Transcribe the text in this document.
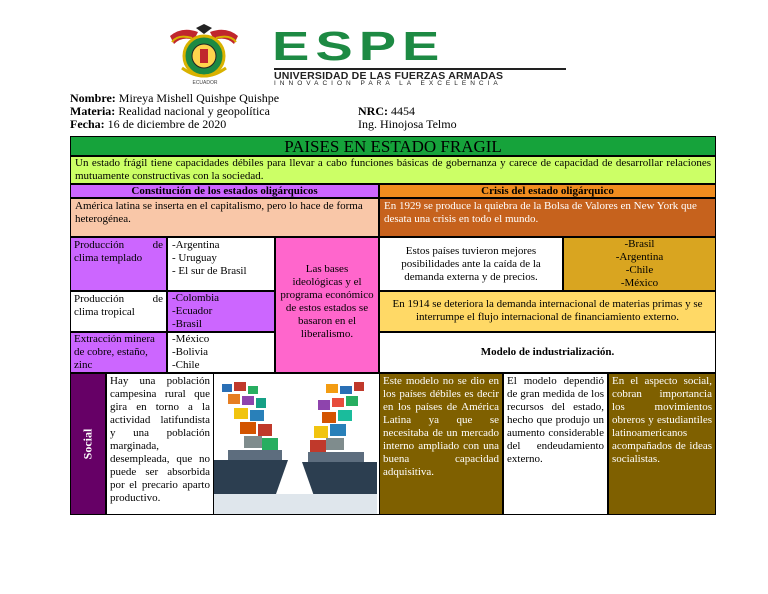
ECUADOR
ESPE
UNIVERSIDAD DE LAS FUERZAS ARMADAS
INNOVACIÓN PARA LA EXCELENCIA
Nombre: Mireya Mishell Quishpe Quishpe
Materia: Realidad nacional y geopolítica
Fecha: 16 de diciembre de 2020
NRC: 4454
Ing. Hinojosa Telmo
PAISES EN ESTADO FRAGIL
Un estado frágil tiene capacidades débiles para llevar a cabo funciones básicas de gobernanza y carece de capacidad de desarrollar relaciones mutuamente constructivas con la sociedad.
Constitución de los estados oligárquicos	Crisis del estado oligárquico
América latina se inserta en el capitalismo, pero lo hace de forma heterogénea.
En 1929 se produce la quiebra de la Bolsa de Valores en New York que desata una crisis en todo el mundo.
Producción de clima templado
-Argentina
- Uruguay
- El sur de Brasil
Producción de clima tropical
-Colombia
-Ecuador
-Brasil
Extracción minera de cobre, estaño, zinc
-México
-Bolivia
-Chile
Las bases ideológicas y el programa económico de estos estados se basaron en el liberalismo.
Estos países tuvieron mejores posibilidades ante la caída de la demanda externa y de precios.
-Brasil
-Argentina
-Chile
-México
En 1914 se deteriora la demanda internacional de materias primas y se interrumpe el flujo internacional de financiamiento externo.
Modelo de industrialización.
Social
Hay una población campesina rural que gira en torno a la actividad latifundista y una población marginada, desempleada, que no puede ser absorbida por el precario aparto productivo.
Este modelo no se dio en los países débiles es decir en los países de América Latina ya que se necesitaba de un mercado interno ampliado con una buena capacidad adquisitiva.
El modelo dependió de gran medida de los recursos del estado, hecho que produjo un aumento considerable del endeudamiento externo.
En el aspecto social, cobran importancia los movimientos obreros y estudiantiles latinoamericanos acompañados de ideas socialistas.
